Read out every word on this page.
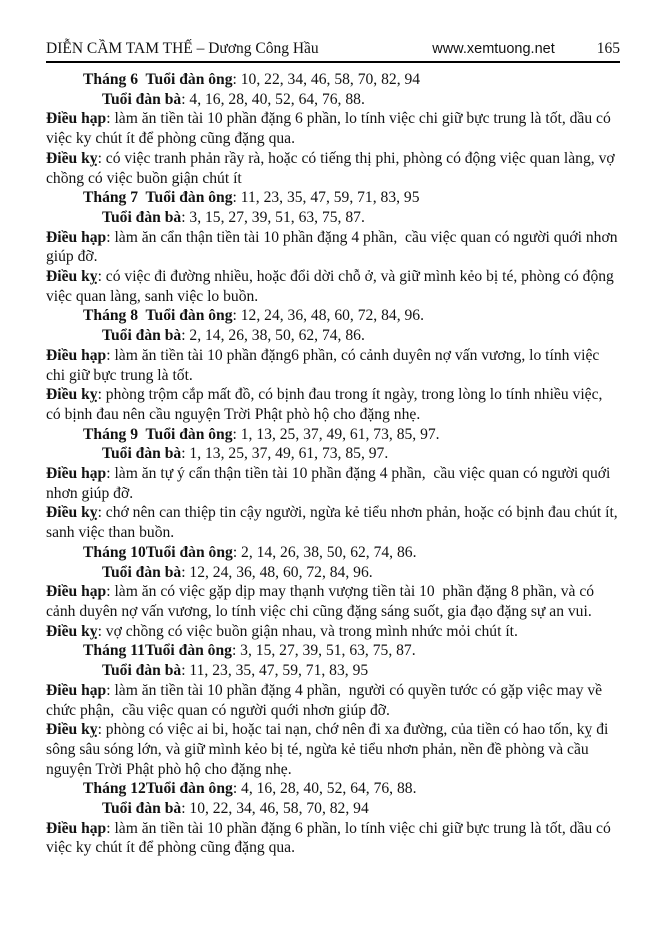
DIỄN CẦM TAM THẾ – Dương Công Hầu	www.xemtuong.net	165

Tháng 6  Tuổi đàn ông: 10, 22, 34, 46, 58, 70, 82, 94

Tuổi đàn bà: 4, 16, 28, 40, 52, 64, 76, 88.

Điều hạp: làm ăn tiền tài 10 phần đặng 6 phần, lo tính việc chi giữ bực trung là tốt, dầu có việc ky chút ít để phòng cũng đặng qua.

Điều kỵ: có việc tranh phản rầy rà, hoặc có tiếng thị phi, phòng có động việc quan làng, vợ chồng có việc buồn giận chút ít

Tháng 7  Tuổi đàn ông: 11, 23, 35, 47, 59, 71, 83, 95

Tuổi đàn bà: 3, 15, 27, 39, 51, 63, 75, 87.

Điều hạp: làm ăn cẩn thận tiền tài 10 phần đặng 4 phần,  cầu việc quan có người quới nhơn giúp đỡ.

Điều kỵ: có việc đi đường nhiều, hoặc đổi dời chỗ ở, và giữ mình kẻo bị té, phòng có động việc quan làng, sanh việc lo buồn.

Tháng 8  Tuổi đàn ông: 12, 24, 36, 48, 60, 72, 84, 96.

Tuổi đàn bà: 2, 14, 26, 38, 50, 62, 74, 86.

Điều hạp: làm ăn tiền tài 10 phần đặng6 phần, có cảnh duyên nợ vấn vương, lo tính việc chi giữ bực trung là tốt.

Điều kỵ: phòng trộm cắp mất đồ, có bịnh đau trong ít ngày, trong lòng lo tính nhiều việc, có bịnh đau nên cầu nguyện Trời Phật phò hộ cho đặng nhẹ.

Tháng 9  Tuổi đàn ông: 1, 13, 25, 37, 49, 61, 73, 85, 97.

Tuổi đàn bà: 1, 13, 25, 37, 49, 61, 73, 85, 97.

Điều hạp: làm ăn tự ý cẩn thận tiền tài 10 phần đặng 4 phần,  cầu việc quan có người quới nhơn giúp đỡ.

Điều kỵ: chớ nên can thiệp tin cậy người, ngừa kẻ tiểu nhơn phản, hoặc có bịnh đau chút ít, sanh việc than buồn.

Tháng 10Tuổi đàn ông: 2, 14, 26, 38, 50, 62, 74, 86.

Tuổi đàn bà: 12, 24, 36, 48, 60, 72, 84, 96.

Điều hạp: làm ăn có việc gặp dịp may thạnh vượng tiền tài 10  phần đặng 8 phần, và có cảnh duyên nợ vấn vương, lo tính việc chi cũng đặng sáng suốt, gia đạo đặng sự an vui.

Điều kỵ: vợ chồng có việc buồn giận nhau, và trong mình nhức mỏi chút ít.

Tháng 11Tuổi đàn ông: 3, 15, 27, 39, 51, 63, 75, 87.

Tuổi đàn bà: 11, 23, 35, 47, 59, 71, 83, 95

Điều hạp: làm ăn tiền tài 10 phần đặng 4 phần,  người có quyền tước có gặp việc may về chức phận,  cầu việc quan có người quới nhơn giúp đỡ.

Điều kỵ: phòng có việc ai bi, hoặc tai nạn, chớ nên đi xa đường, của tiền có hao tốn, kỵ đi sông sâu sóng lớn, và giữ mình kẻo bị té, ngừa kẻ tiểu nhơn phản, nền đề phòng và cầu nguyện Trời Phật phò hộ cho đặng nhẹ.

Tháng 12Tuổi đàn ông: 4, 16, 28, 40, 52, 64, 76, 88.

Tuổi đàn bà: 10, 22, 34, 46, 58, 70, 82, 94

Điều hạp: làm ăn tiền tài 10 phần đặng 6 phần, lo tính việc chi giữ bực trung là tốt, dầu có việc ky chút ít để phòng cũng đặng qua.
